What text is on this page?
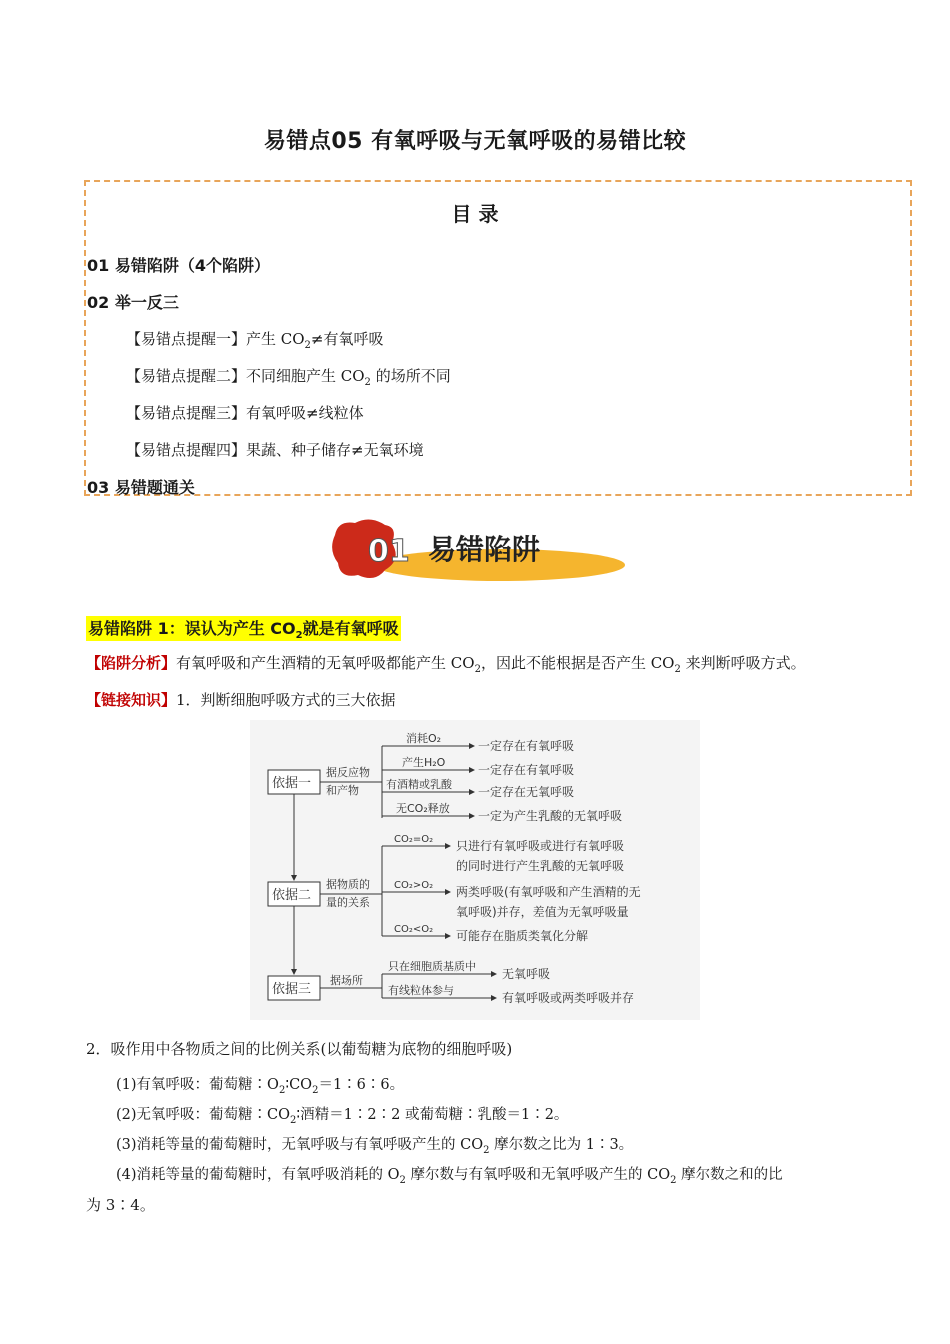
易错点05 有氧呼吸与无氧呼吸的易错比较
目 录
01 易错陷阱（4个陷阱）
02 举一反三
【易错点提醒一】产生 $CO_2\ne$有氧呼吸
【易错点提醒二】不同细胞产生 $CO_2$ 的场所不同
【易错点提醒三】有氧呼吸≠线粒体
【易错点提醒四】果蔬、种子储存≠无氧环境
03 易错题通关
01 易错陷阱
易错陷阱 1：误认为产生 $CO_2$就是有氧呼吸
【陷阱分析】有氧呼吸和产生酒精的无氧呼吸都能产生 $CO_2$，因此不能根据是否产生 $CO_2$ 来判断呼吸方式。
【链接知识】1．判断细胞呼吸方式的三大依据
依据一
依据二
依据三
据反应物
和产物
据物质的
量的关系
据场所
消耗O₂
产生H₂O
有酒精或乳酸
无CO₂释放
一定存在有氧呼吸
一定存在有氧呼吸
一定存在无氧呼吸
一定为产生乳酸的无氧呼吸
CO₂=O₂
CO₂>O₂
CO₂<O₂
只进行有氧呼吸或进行有氧呼吸
的同时进行产生乳酸的无氧呼吸
两类呼吸(有氧呼吸和产生酒精的无
氧呼吸)并存，差值为无氧呼吸量
可能存在脂质类氧化分解
只在细胞质基质中
有线粒体参与
无氧呼吸
有氧呼吸或两类呼吸并存
2．吸作用中各物质之间的比例关系(以葡萄糖为底物的细胞呼吸)
(1)有氧呼吸：葡萄糖$∶O_2∶CO_2=1∶6∶6$。
(2)无氧呼吸：葡萄糖$∶CO_2∶$酒精＝1∶2∶2 或葡萄糖∶乳酸＝1∶2。
(3)消耗等量的葡萄糖时，无氧呼吸与有氧呼吸产生的 $CO_2$ 摩尔数之比为 1∶3。
(4)消耗等量的葡萄糖时，有氧呼吸消耗的 $O_2$ 摩尔数与有氧呼吸和无氧呼吸产生的 $CO_2$ 摩尔数之和的比
为 3∶4。
